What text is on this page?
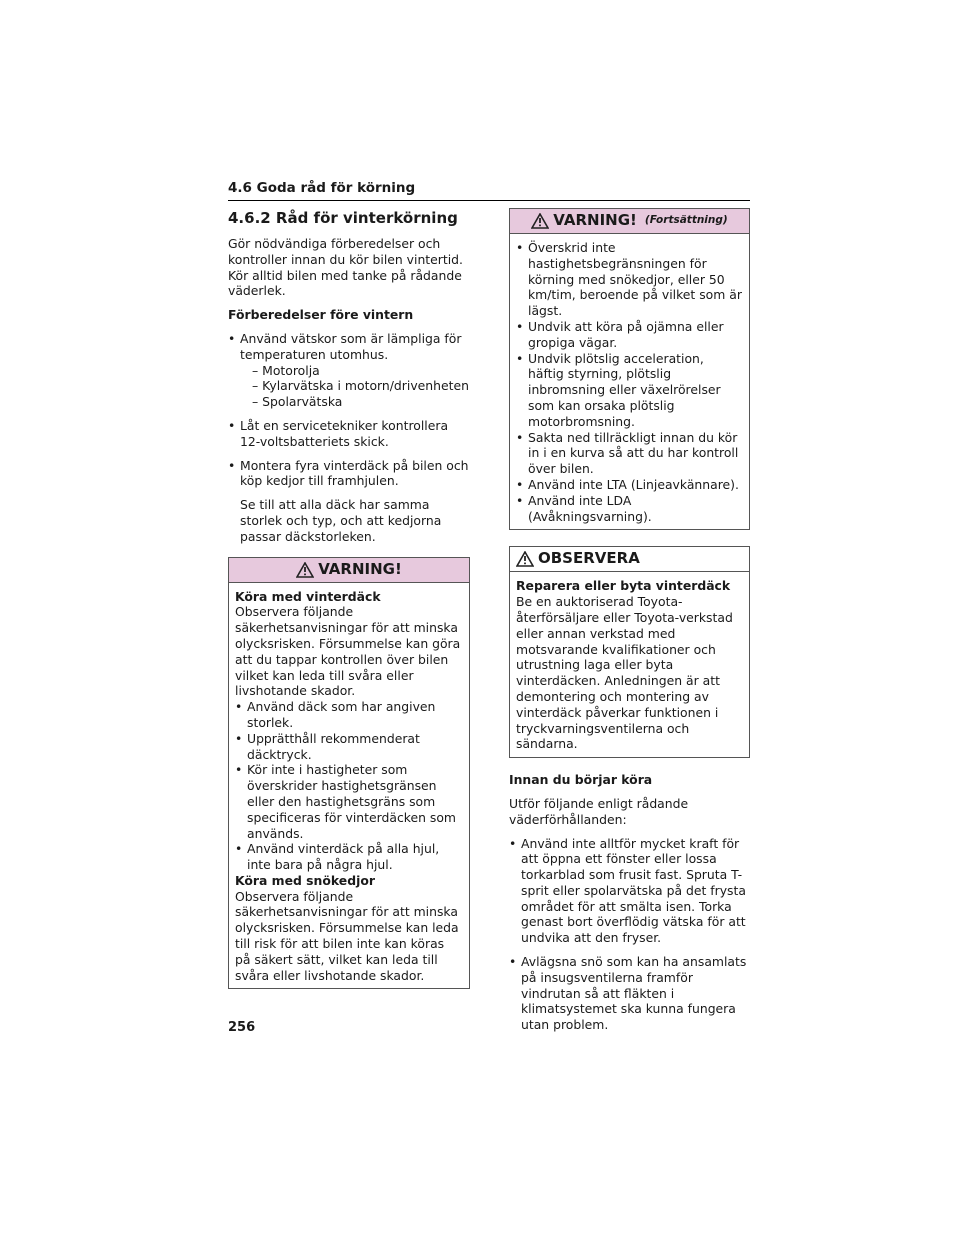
4.6 Goda råd för körning
4.6.2 Råd för vinterkörning

Gör nödvändiga förberedelser och kontroller innan du kör bilen vintertid. Kör alltid bilen med tanke på rådande väderlek.

Förberedelser före vintern

• Använd vätskor som är lämpliga för temperaturen utomhus.
– Motorolja
– Kylarvätska i motorn/drivenheten
– Spolarvätska
• Låt en servicetekniker kontrollera 12-voltsbatteriets skick.
• Montera fyra vinterdäck på bilen och köp kedjor till framhjulen.
Se till att alla däck har samma storlek och typ, och att kedjorna passar däckstorleken.
VARNING!

Köra med vinterdäck

Observera följande säkerhetsanvisningar för att minska olycksrisken. Försummelse kan göra att du tappar kontrollen över bilen vilket kan leda till svåra eller livshotande skador.

• Använd däck som har angiven storlek.
• Upprätthåll rekommenderat däcktryck.
• Kör inte i hastigheter som överskrider hastighetsgränsen eller den hastighetsgräns som specificeras för vinterdäcken som används.
• Använd vinterdäck på alla hjul, inte bara på några hjul.

Köra med snökedjor

Observera följande säkerhetsanvisningar för att minska olycksrisken. Försummelse kan leda till risk för att bilen inte kan köras på säkert sätt, vilket kan leda till svåra eller livshotande skador.

VARNING! (Fortsättning)
• Överskrid inte hastighetsbegränsningen för körning med snökedjor, eller 50 km/tim, beroende på vilket som är lägst.
• Undvik att köra på ojämna eller gropiga vägar.
• Undvik plötslig acceleration, häftig styrning, plötslig inbromsning eller växelrörelser som kan orsaka plötslig motorbromsning.
• Sakta ned tillräckligt innan du kör in i en kurva så att du har kontroll över bilen.
• Använd inte LTA (Linjeavkännare).
• Använd inte LDA (Avåkningsvarning).
OBSERVERA

Reparera eller byta vinterdäck

Be en auktoriserad Toyota-återförsäljare eller Toyota-verkstad eller annan verkstad med motsvarande kvalifikationer och utrustning laga eller byta vinterdäcken. Anledningen är att demontering och montering av vinterdäck påverkar funktionen i tryckvarningsventilerna och sändarna.

Innan du börjar köra

Utför följande enligt rådande väderförhållanden:

• Använd inte alltför mycket kraft för att öppna ett fönster eller lossa torkarblad som frusit fast. Spruta T-sprit eller spolarvätska på det frysta området för att smälta isen. Torka genast bort överflödig vätska för att undvika att den fryser.
• Avlägsna snö som kan ha ansamlats på insugsventilerna framför vindrutan så att fläkten i klimatsystemet ska kunna fungera utan problem.
256
